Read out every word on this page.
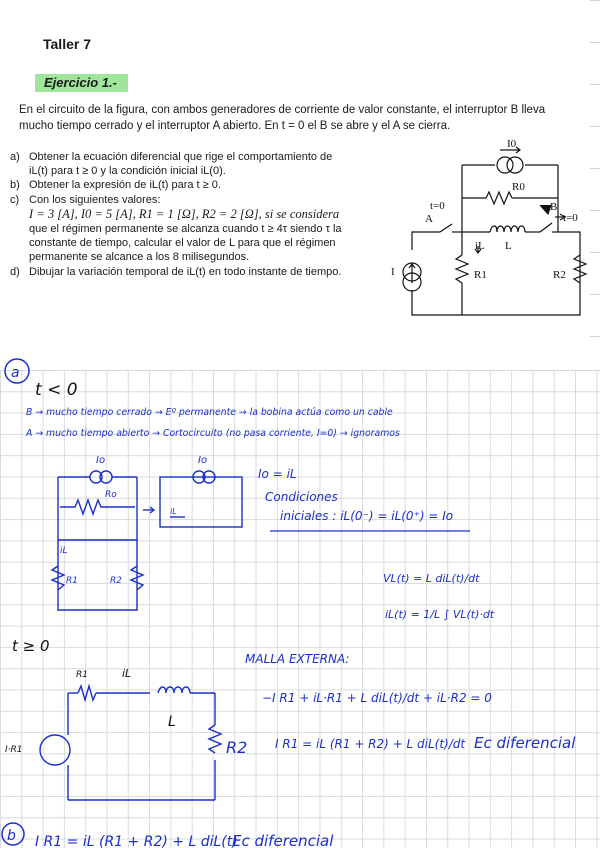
Taller 7
Ejercicio 1.-
En el circuito de la figura, con ambos generadores de corriente de valor constante, el interruptor B lleva mucho tiempo cerrado y el interruptor A abierto. En t = 0 el B se abre y el A se cierra.
a) Obtener la ecuación diferencial que rige el comportamiento de
iL(t) para t ≥ 0 y la condición inicial iL(0).
b) Obtener la expresión de iL(t) para t ≥ 0.
c) Con los siguientes valores:
I = 3 [A], I0 = 5 [A], R1 = 1 [Ω], R2 = 2 [Ω], si se considera
que el régimen permanente se alcanza cuando t ≥ 4τ siendo τ la
constante de tiempo, calcular el valor de L para que el régimen
permanente se alcance a los 8 milisegundos.
d) Dibujar la variación temporal de iL(t) en todo instante de tiempo.
I0
R0
L
iL
I	R1	R2
A
B
t=0
t=0
a
t < 0
B → mucho tiempo cerrado → Eº permanente → la bobina actúa como un cable
A → mucho tiempo abierto → Cortocircuito (no pasa corriente, I=0) → ignoramos
Io
Ro
iL
R1	R2
Io
iL
Io = iL
Condiciones
iniciales : iL(0⁻) = iL(0⁺) = Io
VL(t) = L diL(t)/dt
iL(t) = 1/L ∫ VL(t)·dt
t ≥ 0
MALLA EXTERNA:
R1	iL
L
R2
I·R1
−I R1 + iL·R1 + L diL(t)/dt + iL·R2 = 0
I R1 = iL (R1 + R2) + L diL(t)/dt Ec diferencial
b I R1 = iL (R1 + R2) + L diL(t)
Ec diferencial
